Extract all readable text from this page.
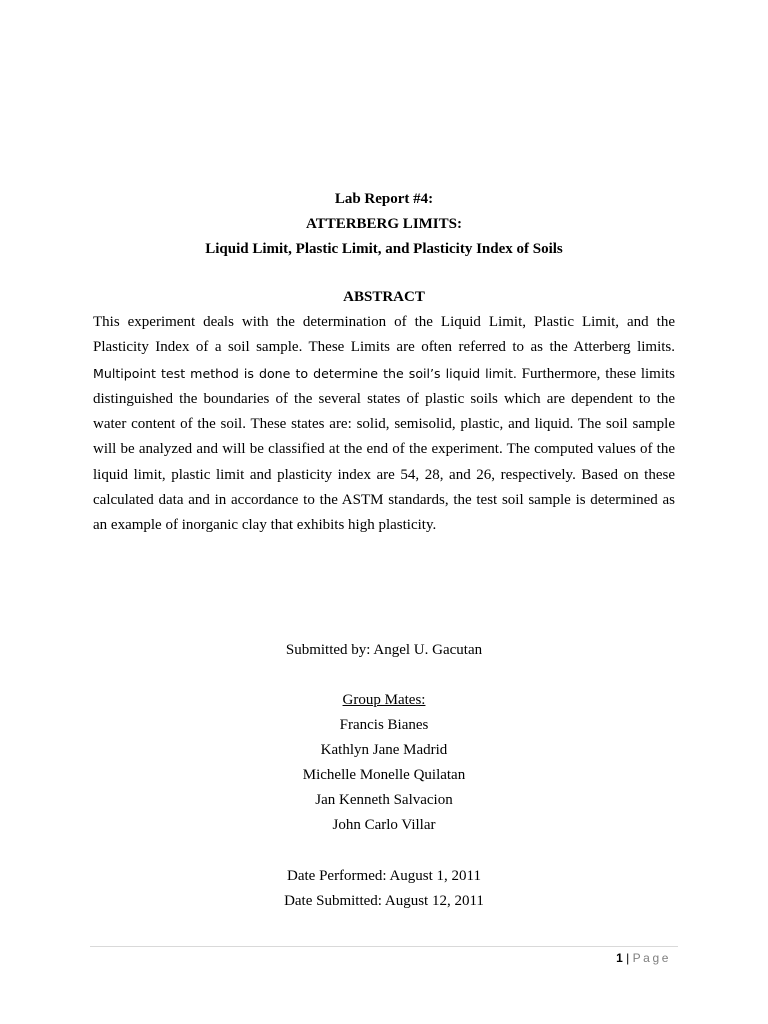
Lab Report #4:
ATTERBERG LIMITS:
Liquid Limit, Plastic Limit, and Plasticity Index of Soils
ABSTRACT

This experiment deals with the determination of the Liquid Limit, Plastic Limit, and the Plasticity Index of a soil sample. These Limits are often referred to as the Atterberg limits. Multipoint test method is done to determine the soil’s liquid limit. Furthermore, these limits distinguished the boundaries of the several states of plastic soils which are dependent to the water content of the soil. These states are: solid, semisolid, plastic, and liquid. The soil sample will be analyzed and will be classified at the end of the experiment. The computed values of the liquid limit, plastic limit and plasticity index are 54, 28, and 26, respectively. Based on these calculated data and in accordance to the ASTM standards, the test soil sample is determined as an example of inorganic clay that exhibits high plasticity.

Submitted by: Angel U. Gacutan
Group Mates:
Francis Bianes
Kathlyn Jane Madrid
Michelle Monelle Quilatan
Jan Kenneth Salvacion
John Carlo Villar
Date Performed: August 1, 2011
Date Submitted: August 12, 2011
1 | Page
